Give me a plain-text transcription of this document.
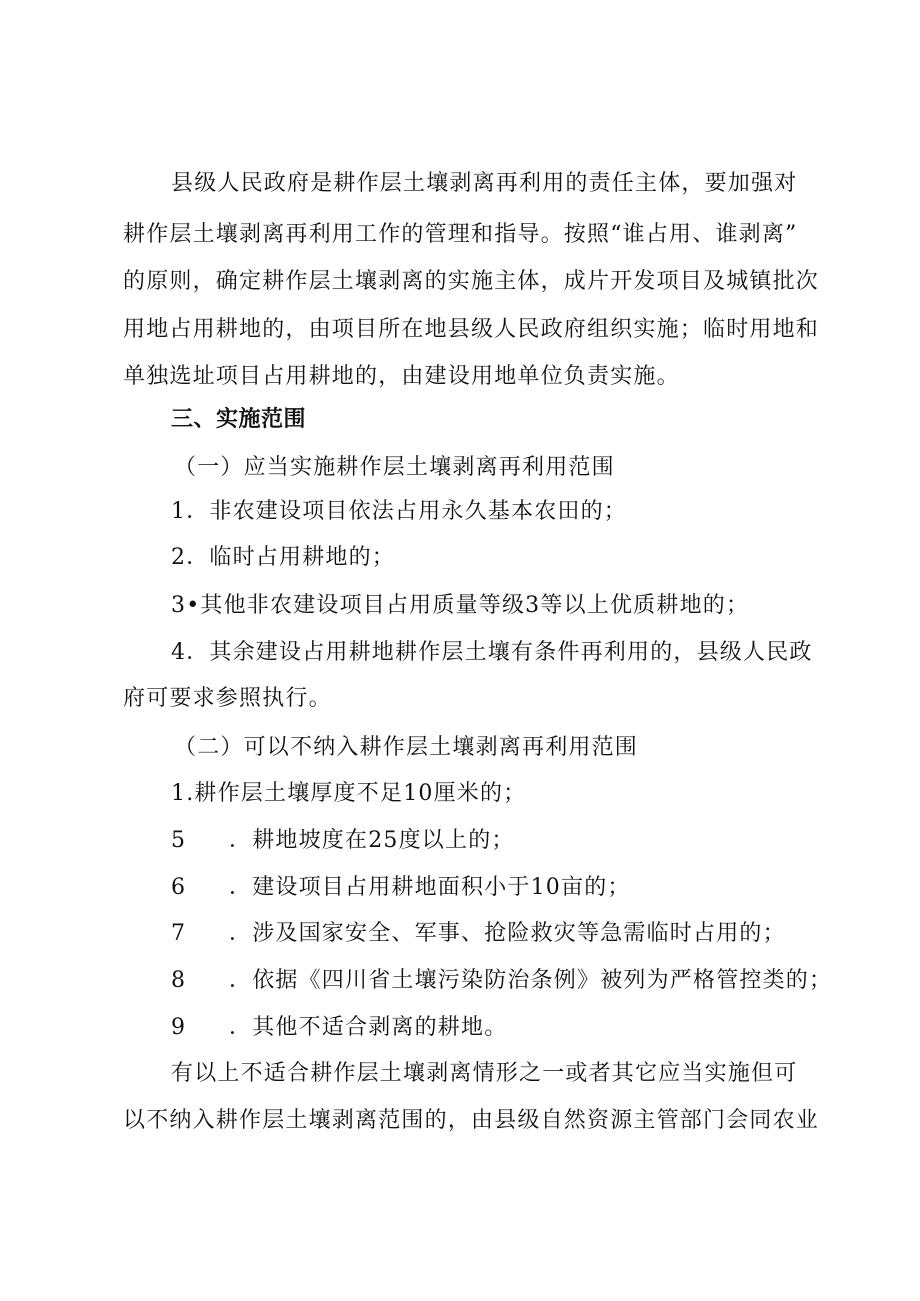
县级人民政府是耕作层土壤剥离再利用的责任主体，要加强对
耕作层土壤剥离再利用工作的管理和指导。按照“谁占用、谁剥离”
的原则，确定耕作层土壤剥离的实施主体，成片开发项目及城镇批次
用地占用耕地的，由项目所在地县级人民政府组织实施；临时用地和
单独选址项目占用耕地的，由建设用地单位负责实施。
三、实施范围
（一）应当实施耕作层土壤剥离再利用范围
1．非农建设项目依法占用永久基本农田的；
2．临时占用耕地的；
3•其他非农建设项目占用质量等级3等以上优质耕地的；
4．其余建设占用耕地耕作层土壤有条件再利用的，县级人民政
府可要求参照执行。
（二）可以不纳入耕作层土壤剥离再利用范围
1.耕作层土壤厚度不足10厘米的；
5 ．耕地坡度在25度以上的；
6 ．建设项目占用耕地面积小于10亩的；
7 ．涉及国家安全、军事、抢险救灾等急需临时占用的；
8 ．依据《四川省土壤污染防治条例》被列为严格管控类的；
9 ．其他不适合剥离的耕地。
有以上不适合耕作层土壤剥离情形之一或者其它应当实施但可
以不纳入耕作层土壤剥离范围的，由县级自然资源主管部门会同农业
